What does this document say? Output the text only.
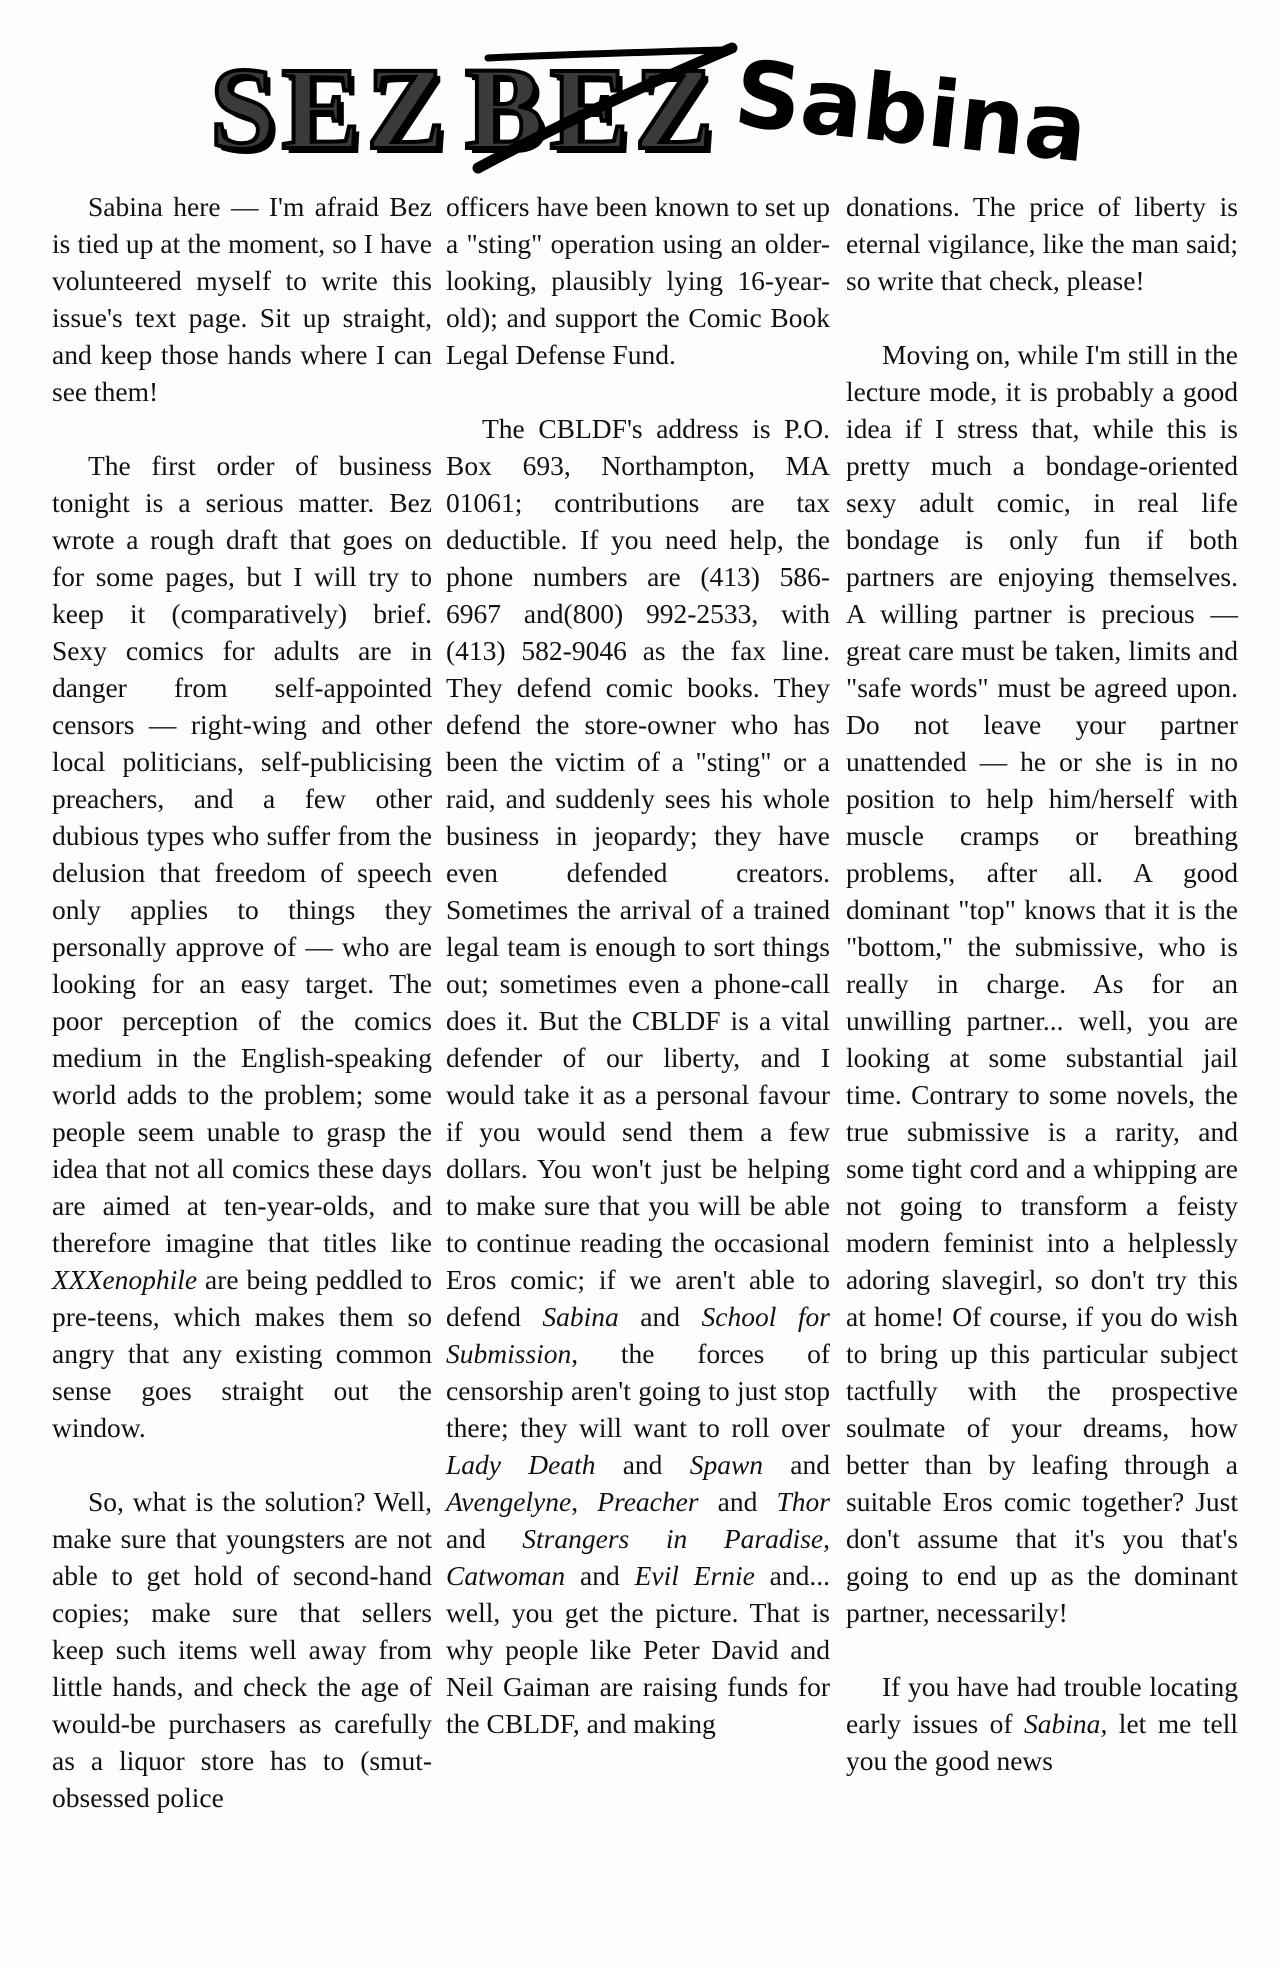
SEZ BEZ Sabina

Sabina here — I'm afraid Bez is tied up at the moment, so I have volunteered myself to write this issue's text page. Sit up straight, and keep those hands where I can see them!

The first order of business tonight is a serious matter. Bez wrote a rough draft that goes on for some pages, but I will try to keep it (comparatively) brief. Sexy comics for adults are in danger from self-appointed censors — right-wing and other local politicians, self-publicising preachers, and a few other dubious types who suffer from the delusion that freedom of speech only applies to things they personally approve of — who are looking for an easy target. The poor perception of the comics medium in the English-speaking world adds to the problem; some people seem unable to grasp the idea that not all comics these days are aimed at ten-year-olds, and therefore imagine that titles like XXXenophile are being peddled to pre-teens, which makes them so angry that any existing common sense goes straight out the window.

So, what is the solution? Well, make sure that youngsters are not able to get hold of second-hand copies; make sure that sellers keep such items well away from little hands, and check the age of would-be purchasers as carefully as a liquor store has to (smut-obsessed police

officers have been known to set up a "sting" operation using an older-looking, plausibly lying 16-year-old); and support the Comic Book Legal Defense Fund.

The CBLDF's address is P.O. Box 693, Northampton, MA 01061; contributions are tax deductible. If you need help, the phone numbers are (413) 586-6967 and(800) 992-2533, with (413) 582-9046 as the fax line. They defend comic books. They defend the store-owner who has been the victim of a "sting" or a raid, and suddenly sees his whole business in jeopardy; they have even defended creators. Sometimes the arrival of a trained legal team is enough to sort things out; sometimes even a phone-call does it. But the CBLDF is a vital defender of our liberty, and I would take it as a personal favour if you would send them a few dollars. You won't just be helping to make sure that you will be able to continue reading the occasional Eros comic; if we aren't able to defend Sabina and School for Submission, the forces of censorship aren't going to just stop there; they will want to roll over Lady Death and Spawn and Avengelyne, Preacher and Thor and Strangers in Paradise, Catwoman and Evil Ernie and... well, you get the picture. That is why people like Peter David and Neil Gaiman are raising funds for the CBLDF, and making

donations. The price of liberty is eternal vigilance, like the man said; so write that check, please!

Moving on, while I'm still in the lecture mode, it is probably a good idea if I stress that, while this is pretty much a bondage-oriented sexy adult comic, in real life bondage is only fun if both partners are enjoying themselves. A willing partner is precious — great care must be taken, limits and "safe words" must be agreed upon. Do not leave your partner unattended — he or she is in no position to help him/herself with muscle cramps or breathing problems, after all. A good dominant "top" knows that it is the "bottom," the submissive, who is really in charge. As for an unwilling partner... well, you are looking at some substantial jail time. Contrary to some novels, the true submissive is a rarity, and some tight cord and a whipping are not going to transform a feisty modern feminist into a helplessly adoring slavegirl, so don't try this at home! Of course, if you do wish to bring up this particular subject tactfully with the prospective soulmate of your dreams, how better than by leafing through a suitable Eros comic together? Just don't assume that it's you that's going to end up as the dominant partner, necessarily!

If you have had trouble locating early issues of Sabina, let me tell you the good news
